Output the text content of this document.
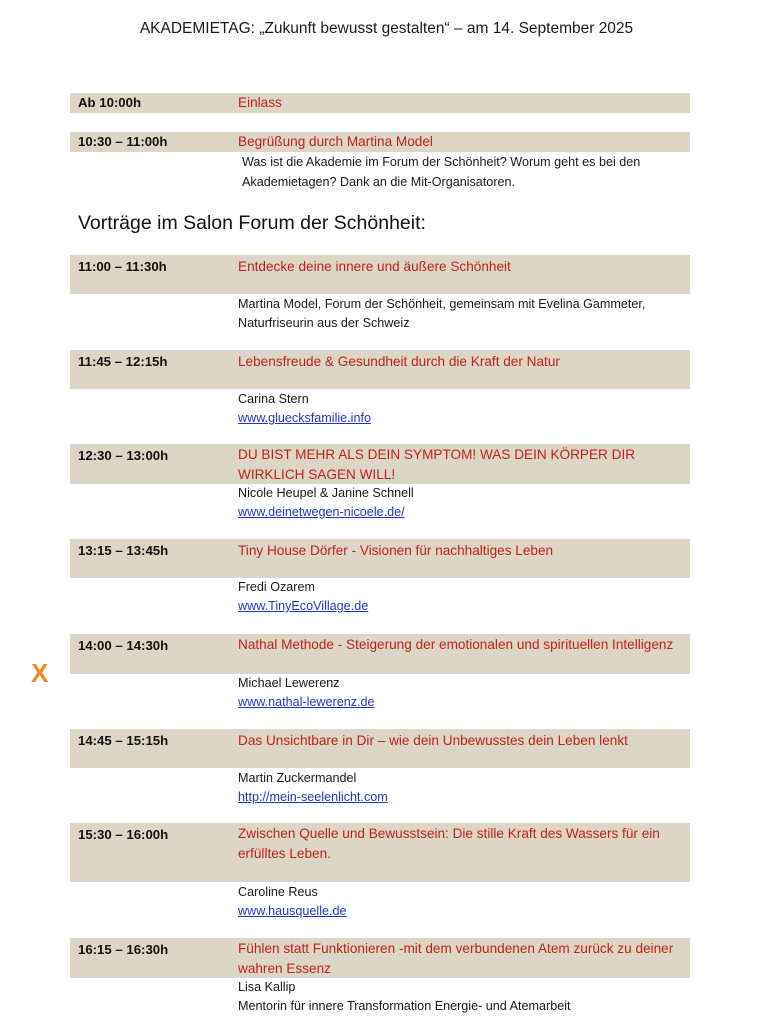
AKADEMIETAG: „Zukunft bewusst gestalten“ – am 14. September 2025
Ab 10:00h	Einlass
10:30 – 11:00h	Begrüßung durch Martina Model
Was ist die Akademie im Forum der Schönheit? Worum geht es bei den
Akademietagen? Dank an die Mit-Organisatoren.
Vorträge im Salon Forum der Schönheit:
11:00 – 11:30h	Entdecke deine innere und äußere Schönheit
Martina Model, Forum der Schönheit, gemeinsam mit Evelina Gammeter,
Naturfriseurin aus der Schweiz
11:45 – 12:15h	Lebensfreude & Gesundheit durch die Kraft der Natur
Carina Stern
www.gluecksfamilie.info
12:30 – 13:00h	DU BIST MEHR ALS DEIN SYMPTOM! WAS DEIN KÖRPER DIR WIRKLICH SAGEN WILL!
Nicole Heupel & Janine Schnell
www.deinetwegen-nicoele.de/
13:15 – 13:45h	Tiny House Dörfer - Visionen für nachhaltiges Leben
Fredi Ozarem
www.TinyEcoVillage.de
14:00 – 14:30h	Nathal Methode - Steigerung der emotionalen und spirituellen Intelligenz
Michael Lewerenz
www.nathal-lewerenz.de
14:45 – 15:15h	Das Unsichtbare in Dir – wie dein Unbewusstes dein Leben lenkt
Martin Zuckermandel
http://mein-seelenlicht.com
15:30 – 16:00h	Zwischen Quelle und Bewusstsein: Die stille Kraft des Wassers für ein erfülltes Leben.
Caroline Reus
www.hausquelle.de
16:15 – 16:30h	Fühlen statt Funktionieren -mit dem verbundenen Atem zurück zu deiner wahren Essenz
Lisa Kallip
Mentorin für innere Transformation Energie- und Atemarbeit
X
